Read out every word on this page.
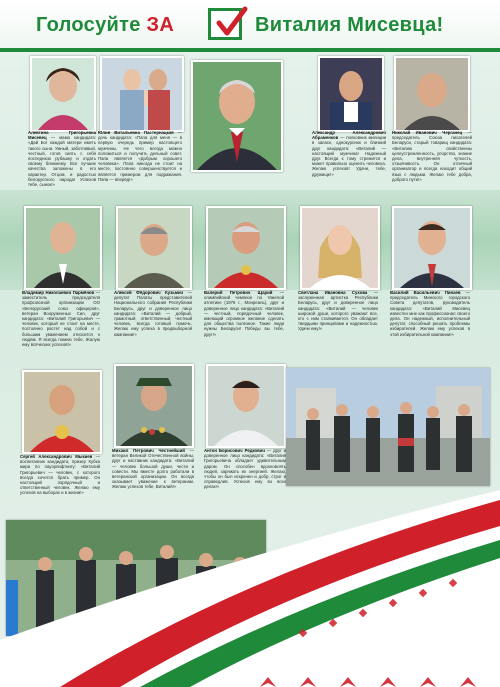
Голосуйте ЗА	Виталия Мисевца!
Алевтина Григорьевна Мисевец — мама кандидата: «Дай Бог каждой матери иметь такого сына. Умный, заботливый, честный, готов сиять с себя последнюю рубашку и отдать своему ближнему. Все лучшие качества заложены в его характер. Отцом, и радостью белорусского народа! Успехов тебе, сынок!»
Юлия Витальевна Пастернацкая — дочь кандидата: «Папа для меня — в первую очередь пример настоящего мужчины. Не чего всегда можно положиться и получить дельный совет. Папа является «Добрым хорошего человека». Папа никогда не стоит на месте, постоянно совершенствуется и является примером для подражания. Папа — вперёд!»
Александр Александрович Абраменков — полковник милиции в запасе, однокурсник и близкий друг кандидата: «Виталий — настоящий мужчина! Надежный друг. Всегда к тому стремится и может правильно оценить человека. Желаю успехов! Удачи, тебе, дружище!»
Николай Иванович Черганец — председатель Союза писателей Беларуси, старый товарищ кандидата: «Виталию свойственны целеустремленность, упорство, знание дела, внутренняя чуткость, отзывчивость. Он отличный организатор и всегда находит общий язык с людьми. Желаю тебе добра, доброго пути!»
Владимир Николаевич Пармёнов — заместитель председателя профсоюзной организации ОО «Белорусский союз офицеров», ветеран Вооруженных Сил, друг кандидата: «Виталий Григорьевич — человек, который не стоит на месте, постоянно растет над собой и с большим уважением относится к людям. Я всегда помню тебе, Жалую ему всяческих успехов!»
Алексей Фёдорович Кузьмич — депутат Палаты представителей Национального собрания Республики Беларусь, друг и доверенное лицо кандидата: «Виталий — добрый, грамотный, ответственный, честный человек, всегда готовый помочь. Желаю ему успеха в предвыборной кампании!»
Валерий Петрович Щарий — олимпийский чемпион по тяжелой атлетике (1976 г., Монреаль), друг и доверенное лицо кандидата: «Виталий — честный, порядочный человек, имеющий огромное желание сделать для общества полезное. Такие люди нужны Беларуси! Победы вы тебе, друг!»
Светлана Ивановна Сухова — заслуженная артистка Республики Беларусь, друг и доверенное лицо кандидата: «Виталий — человек широкой души, которого уважают все, кто с ним сталкивается. Он обладает твердыми принципами и надежностью. Удачи ему!»
Василий Васильевич Пинаев — председатель Минского городского Совета депутатов, руководитель кандидата: «Виталий Мисевец известен мне как профессионал своего дела. Он надежный, исполнительный депутат, способный решать проблемы избирателей. Желаю ему успехов в этой избирательной кампании!»
Сергей Александрович Мыкиев — воспитанник кандидата, призер Кубка мира по пауэрлифтингу: «Виталий Григорьевич — человек, с которого всегда хочется брать пример. Он настоящий порядочный и ответственный человек. Желаю ему успехов на выборах и в жизни!»
Михаил Петрович Честнейший — ветеран Великой Отечественной войны, друг и наставник кандидата: «Виталий — человек большой души, чести и совести. Мы вместе долго работали в ветеранской организации. Он всегда оказывает уважение к ветеранам. Желаю успехов тебе, Виталий!»
Антон Борисович Редкович — друг и доверенное лицо кандидата: «Виталия Григорьевича обладает удивительным даром. Он способен вдохновлять людей, заряжать их энергией. Желаю, чтобы он был искренен и добр, строг и справедлив. Успехов ему во всех делах!»
